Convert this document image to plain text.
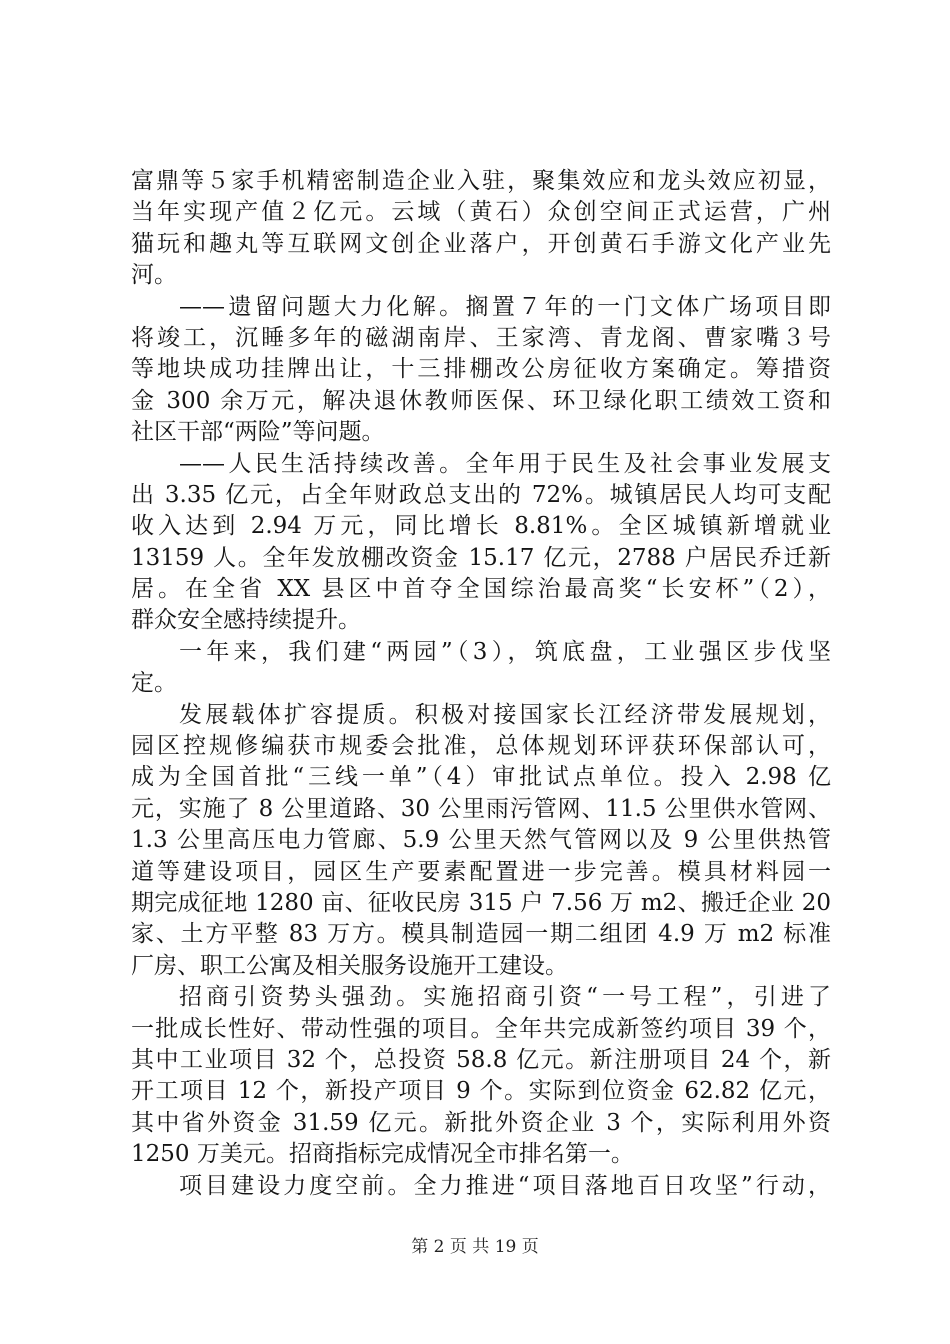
富鼎等５家手机精密制造企业入驻，聚集效应和龙头效应初显，
当年实现产值２亿元。云域（黄石）众创空间正式运营，广州
猫玩和趣丸等互联网文创企业落户，开创黄石手游文化产业先
河。
——遗留问题大力化解。搁置７年的一门文体广场项目即
将竣工，沉睡多年的磁湖南岸、王家湾、青龙阁、曹家嘴３号
等地块成功挂牌出让，十三排棚改公房征收方案确定。筹措资
金 300 余万元，解决退休教师医保、环卫绿化职工绩效工资和
社区干部“两险”等问题。
——人民生活持续改善。全年用于民生及社会事业发展支
出 3.35 亿元，占全年财政总支出的 72%。城镇居民人均可支配
收入达到 2.94 万元，同比增长 8.81%。全区城镇新增就业
13159 人。全年发放棚改资金 15.17 亿元，2788 户居民乔迁新
居。在全省 XX 县区中首夺全国综治最高奖“长安杯”（2），
群众安全感持续提升。
一年来，我们建“两园”（3），筑底盘，工业强区步伐坚
定。
发展载体扩容提质。积极对接国家长江经济带发展规划，
园区控规修编获市规委会批准，总体规划环评获环保部认可，
成为全国首批“三线一单”（4）审批试点单位。投入 2.98 亿
元，实施了 8 公里道路、30 公里雨污管网、11.5 公里供水管网、
1.3 公里高压电力管廊、5.9 公里天然气管网以及 9 公里供热管
道等建设项目，园区生产要素配置进一步完善。模具材料园一
期完成征地 1280 亩、征收民房 315 户 7.56 万 m2、搬迁企业 20
家、土方平整 83 万方。模具制造园一期二组团 4.9 万 m2 标准
厂房、职工公寓及相关服务设施开工建设。
招商引资势头强劲。实施招商引资“一号工程”，引进了
一批成长性好、带动性强的项目。全年共完成新签约项目 39 个，
其中工业项目 32 个，总投资 58.8 亿元。新注册项目 24 个，新
开工项目 12 个，新投产项目 9 个。实际到位资金 62.82 亿元，
其中省外资金 31.59 亿元。新批外资企业 3 个，实际利用外资
1250 万美元。招商指标完成情况全市排名第一。
项目建设力度空前。全力推进“项目落地百日攻坚”行动，
第 2 页 共 19 页
